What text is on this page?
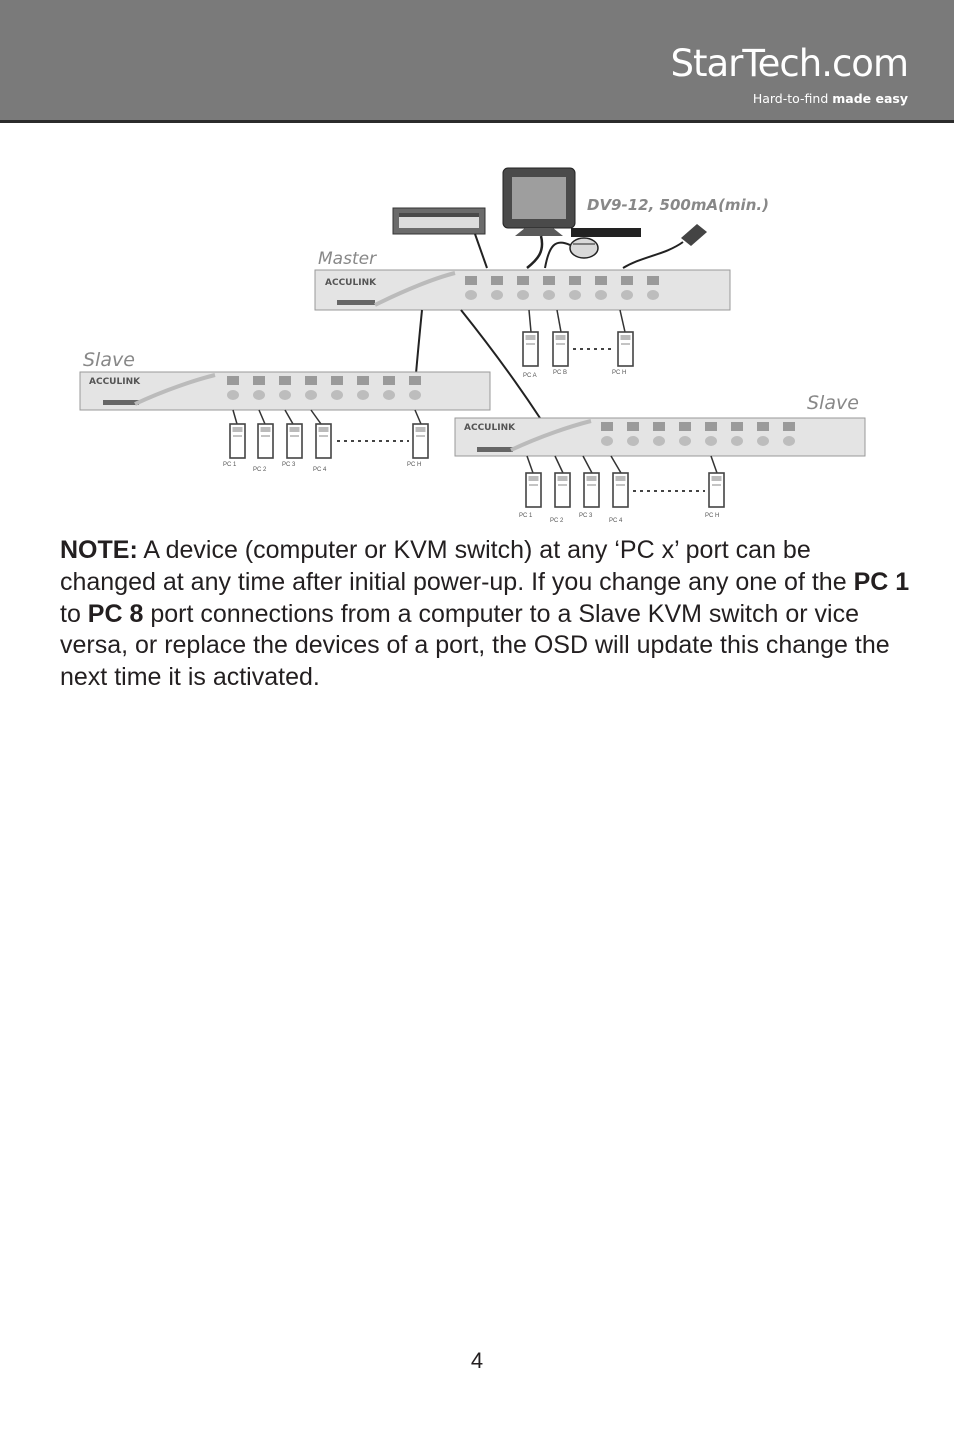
StarTech.com
Hard-to-find made easy
DV9-12, 500mA(min.)
Master
ACCULINK
PC A	PC B	PC H
Slave
ACCULINK
PC 1
PC 2
PC 3
PC 4
PC H
Slave
ACCULINK
PC 1
PC 2
PC 3
PC 4
PC H

NOTE: A device (computer or KVM switch) at any ‘PC x’ port can be changed at any time after initial power-up. If you change any one of the PC 1 to PC 8 port connections from a computer to a Slave KVM switch or vice versa, or replace the devices of a port, the OSD will update this change the next time it is activated.

4
